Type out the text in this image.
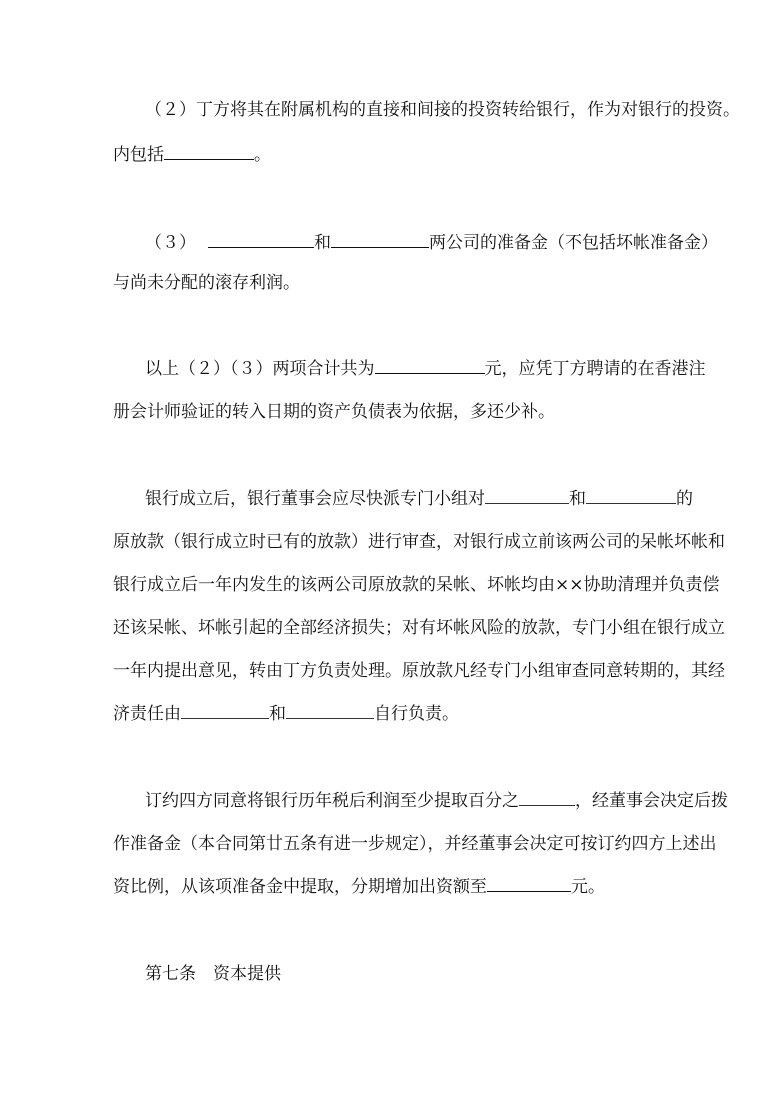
（２）丁方将其在附属机构的直接和间接的投资转给银行，作为对银行的投资。
内包括	。
（３）	和	两公司的准备金（不包括坏帐准备金）
与尚未分配的滚存利润。
以上（２）（３）两项合计共为	元，应凭丁方聘请的在香港注
册会计师验证的转入日期的资产负债表为依据，多还少补。
银行成立后，银行董事会应尽快派专门小组对	和	的
原放款（银行成立时已有的放款）进行审查，对银行成立前该两公司的呆帐坏帐和
银行成立后一年内发生的该两公司原放款的呆帐、坏帐均由××协助清理并负责偿
还该呆帐、坏帐引起的全部经济损失；对有坏帐风险的放款，专门小组在银行成立
一年内提出意见，转由丁方负责处理。原放款凡经专门小组审查同意转期的，其经
济责任由	和	自行负责。
订约四方同意将银行历年税后利润至少提取百分之	，经董事会决定后拨
作准备金（本合同第廿五条有进一步规定），并经董事会决定可按订约四方上述出
资比例，从该项准备金中提取，分期增加出资额至	元。
第七条　资本提供
